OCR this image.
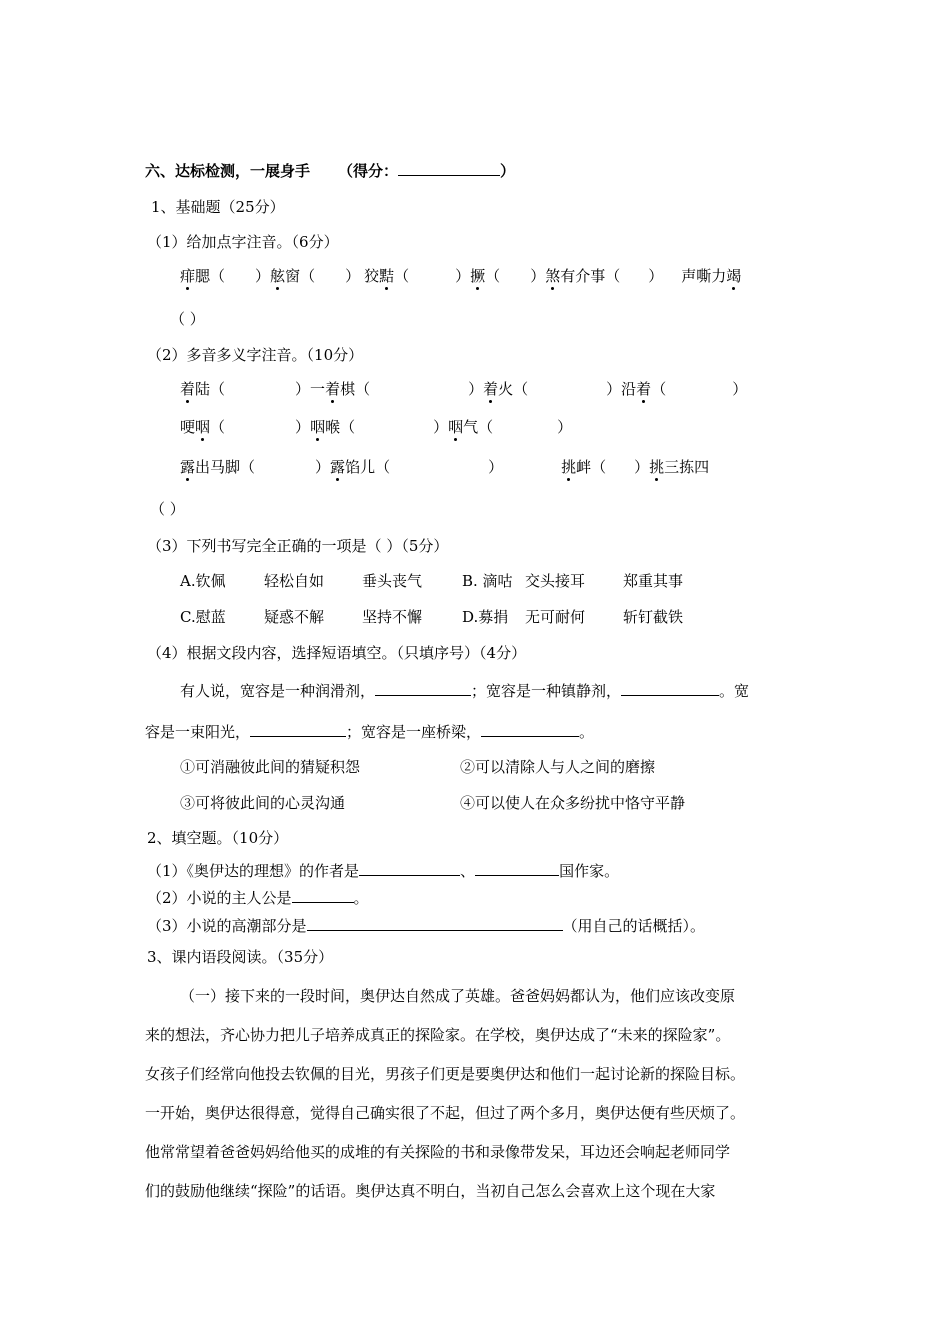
六、达标检测，一展身手 （得分：	）
1、基础题（25分）
（1）给加点字注音。（6分）
痱腮（ ）舷窗（ ） 狡黠（	）撅（ ）煞有介事（ ） 声嘶力竭
（ ）
（2）多音多义字注音。（10分）
着陆（	）一着棋（	）着火（	）沿着（	）
哽咽（	）咽喉（	）咽气（	）
露出马脚（	）露馅儿（	）	挑衅（ ）挑三拣四
（ ）
（3）下列书写完全正确的一项是（ ）（5分）
A.钦佩	轻松自如	垂头丧气	B. 滴咕 交头接耳	郑重其事
C.慰蓝	疑惑不解	坚持不懈	D.募捐 无可耐何	斩钉截铁
（4）根据文段内容，选择短语填空。（只填序号）（4分）
有人说，宽容是一种润滑剂，	；宽容是一种镇静剂，	。宽
容是一束阳光，	；宽容是一座桥梁，	。
①可消融彼此间的猜疑积怨	②可以清除人与人之间的磨擦
③可将彼此间的心灵沟通	④可以使人在众多纷扰中恪守平静
2、填空题。（10分）
（1）《奥伊达的理想》的作者是	、	国作家。
（2）小说的主人公是	。
（3）小说的高潮部分是	（用自己的话概括）。
3、课内语段阅读。（35分）
（一）接下来的一段时间，奥伊达自然成了英雄。爸爸妈妈都认为，他们应该改变原
来的想法，齐心协力把儿子培养成真正的探险家。在学校，奥伊达成了“未来的探险家”。
女孩子们经常向他投去钦佩的目光，男孩子们更是要奥伊达和他们一起讨论新的探险目标。
一开始，奥伊达很得意，觉得自己确实很了不起，但过了两个多月，奥伊达便有些厌烦了。
他常常望着爸爸妈妈给他买的成堆的有关探险的书和录像带发呆，耳边还会响起老师同学
们的鼓励他继续“探险”的话语。奥伊达真不明白，当初自己怎么会喜欢上这个现在大家
